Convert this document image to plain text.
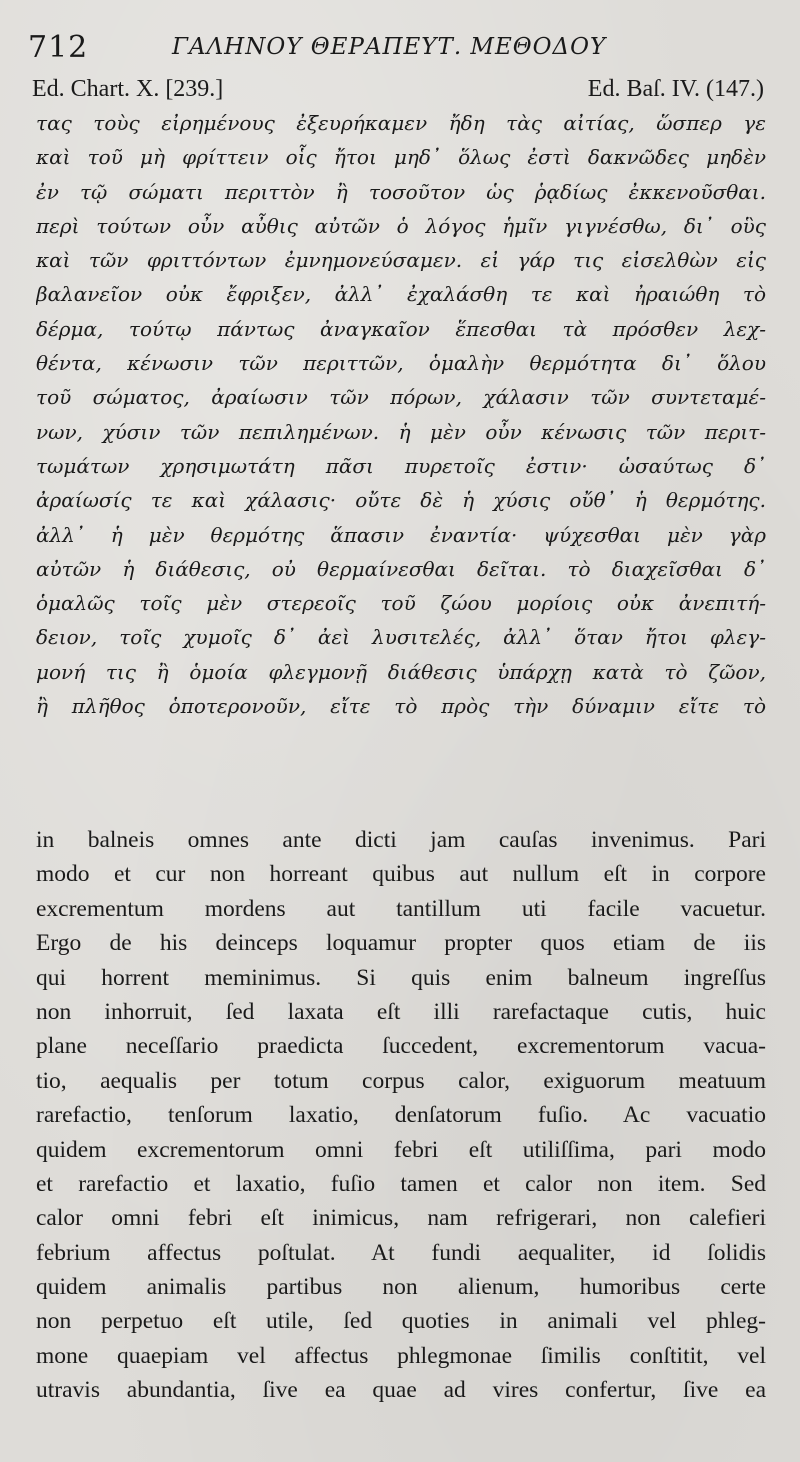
712	ΓΑΛΗΝΟΥ ΘΕΡΑΠΕΥΤ. ΜΕΘΟΔΟΥ
Ed. Chart. X. [239.]	Ed. Baſ. IV. (147.)
τας τοὺς εἰρημένους ἐξευρήκαμεν ἤδη τὰς αἰτίας, ὥσπερ γε
καὶ τοῦ μὴ φρίττειν οἷς ἤτοι μηδ᾽ ὅλως ἐστὶ δακνῶδες μηδὲν
ἐν τῷ σώματι περιττὸν ἢ τοσοῦτον ὡς ῥᾳδίως ἐκκενοῦσθαι.
περὶ τούτων οὖν αὖθις αὐτῶν ὁ λόγος ἡμῖν γιγνέσθω, δι᾽ οὓς
καὶ τῶν φριττόντων ἐμνημονεύσαμεν. εἰ γάρ τις εἰσελθὼν εἰς
βαλανεῖον οὐκ ἔφριξεν, ἀλλ᾽ ἐχαλάσθη τε καὶ ἠραιώθη τὸ
δέρμα, τούτῳ πάντως ἀναγκαῖον ἕπεσθαι τὰ πρόσθεν λεχ-
θέντα, κένωσιν τῶν περιττῶν, ὁμαλὴν θερμότητα δι᾽ ὅλου
τοῦ σώματος, ἀραίωσιν τῶν πόρων, χάλασιν τῶν συντεταμέ-
νων, χύσιν τῶν πεπιλημένων. ἡ μὲν οὖν κένωσις τῶν περιτ-
τωμάτων χρησιμωτάτη πᾶσι πυρετοῖς ἐστιν· ὡσαύτως δ᾽
ἀραίωσίς τε καὶ χάλασις· οὔτε δὲ ἡ χύσις οὔθ᾽ ἡ θερμότης.
ἀλλ᾽ ἡ μὲν θερμότης ἅπασιν ἐναντία· ψύχεσθαι μὲν γὰρ
αὐτῶν ἡ διάθεσις, οὐ θερμαίνεσθαι δεῖται. τὸ διαχεῖσθαι δ᾽
ὁμαλῶς τοῖς μὲν στερεοῖς τοῦ ζώου μορίοις οὐκ ἀνεπιτή-
δειον, τοῖς χυμοῖς δ᾽ ἀεὶ λυσιτελές, ἀλλ᾽ ὅταν ἤτοι φλεγ-
μονή τις ἢ ὁμοία φλεγμονῇ διάθεσις ὑπάρχῃ κατὰ τὸ ζῶον,
ἢ πλῆθος ὁποτερονοῦν, εἴτε τὸ πρὸς τὴν δύναμιν εἴτε τὸ
in balneis omnes ante dicti jam cauſas invenimus. Pari
modo et cur non horreant quibus aut nullum eſt in corpore
excrementum mordens aut tantillum uti facile vacuetur.
Ergo de his deinceps loquamur propter quos etiam de iis
qui horrent meminimus. Si quis enim balneum ingreſſus
non inhorruit, ſed laxata eſt illi rarefactaque cutis, huic
plane neceſſario praedicta ſuccedent, excrementorum vacua-
tio, aequalis per totum corpus calor, exiguorum meatuum
rarefactio, tenſorum laxatio, denſatorum fuſio. Ac vacuatio
quidem excrementorum omni febri eſt utiliſſima, pari modo
et rarefactio et laxatio, fuſio tamen et calor non item. Sed
calor omni febri eſt inimicus, nam refrigerari, non calefieri
febrium affectus poſtulat. At fundi aequaliter, id ſolidis
quidem animalis partibus non alienum, humoribus certe
non perpetuo eſt utile, ſed quoties in animali vel phleg-
mone quaepiam vel affectus phlegmonae ſimilis conſtitit, vel
utravis abundantia, ſive ea quae ad vires confertur, ſive ea
